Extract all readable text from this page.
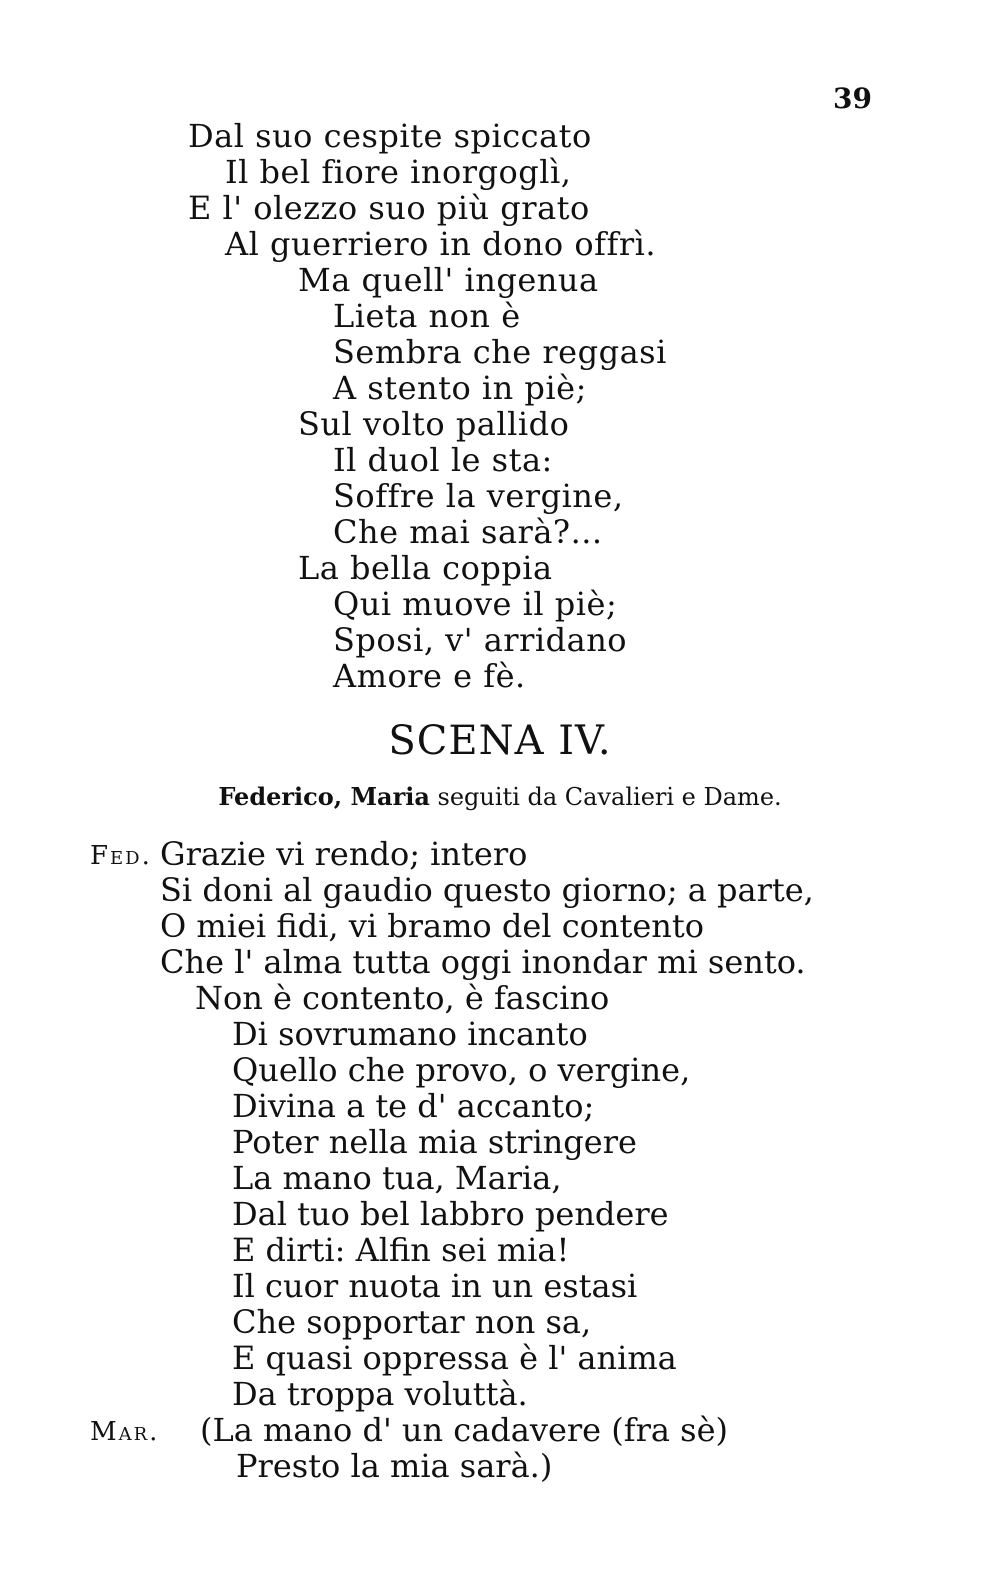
39
Dal suo cespite spiccato
Il bel fiore inorgoglì,
E l' olezzo suo più grato
Al guerriero in dono offrì.
Ma quell' ingenua
Lieta non è
Sembra che reggasi
A stento in piè;
Sul volto pallido
Il duol le sta:
Soffre la vergine,
Che mai sarà?...
La bella coppia
Qui muove il piè;
Sposi, v' arridano
Amore e fè.
SCENA IV.
Federico, Maria seguiti da Cavalieri e Dame.
Fed. Grazie vi rendo; intero
Si doni al gaudio questo giorno; a parte,
O miei fidi, vi bramo del contento
Che l' alma tutta oggi inondar mi sento.
Non è contento, è fascino
Di sovrumano incanto
Quello che provo, o vergine,
Divina a te d' accanto;
Poter nella mia stringere
La mano tua, Maria,
Dal tuo bel labbro pendere
E dirti: Alfin sei mia!
Il cuor nuota in un estasi
Che sopportar non sa,
E quasi oppressa è l' anima
Da troppa voluttà.
Mar.	(La mano d' un cadavere (fra sè)
Presto la mia sarà.)
